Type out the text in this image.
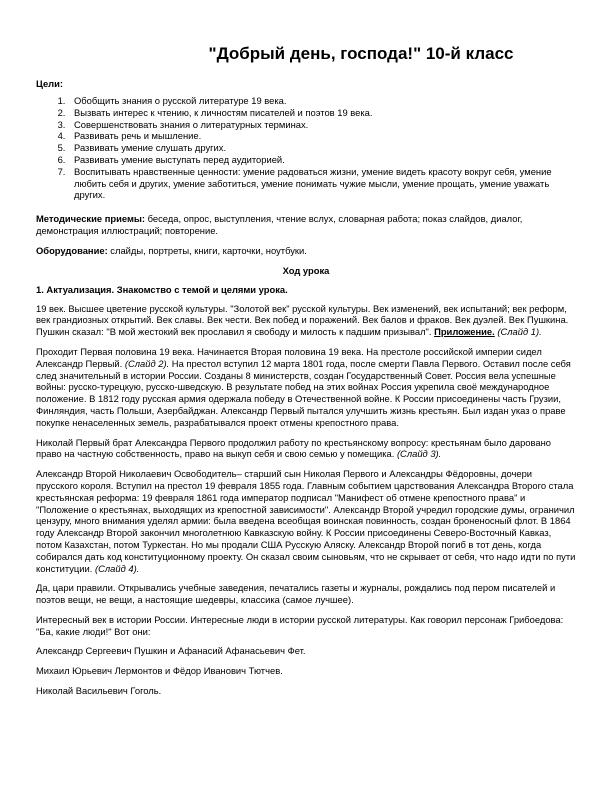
"Добрый день, господа!" 10-й класс
Цели:
1. Обобщить знания о русской литературе 19 века.
2. Вызвать интерес к чтению, к личностям писателей и поэтов 19 века.
3. Совершенствовать знания о литературных терминах.
4. Развивать речь и мышление.
5. Развивать умение слушать других.
6. Развивать умение выступать перед аудиторией.
7. Воспитывать нравственные ценности: умение радоваться жизни, умение видеть красоту вокруг себя, умение любить себя и других, умение заботиться, умение понимать чужие мысли, умение прощать, умение уважать других.

Методические приемы: беседа, опрос, выступления, чтение вслух, словарная работа; показ слайдов, диалог, демонстрация иллюстраций; повторение.

Оборудование: слайды, портреты, книги, карточки, ноутбуки.

Ход урока
1. Актуализация. Знакомство с темой и целями урока.

19 век. Высшее цветение русской культуры. "Золотой век" русской культуры. Век изменений, век испытаний; век реформ, век грандиозных открытий. Век славы. Век чести. Век побед и поражений. Век балов и фраков. Век дуэлей. Век Пушкина. Пушкин сказал: "В мой жестокий век прославил я свободу и милость к падшим призывал". Приложение. (Слайд 1).

Проходит Первая половина 19 века. Начинается Вторая половина 19 века. На престоле российской империи сидел Александр Первый. (Слайд 2). На престол вступил 12 марта 1801 года, после смерти Павла Первого. Оставил после себя след значительный в истории России. Созданы 8 министерств, создан Государственный Совет. Россия вела успешные войны: русско-турецкую, русско-шведскую. В результате побед на этих войнах Россия укрепила своё международное положение. В 1812 году русская армия одержала победу в Отечественной войне. К России присоединены часть Грузии, Финляндия, часть Польши, Азербайджан. Александр Первый пытался улучшить жизнь крестьян. Был издан указ о праве покупке ненаселенных земель, разрабатывался проект отмены крепостного права.

Николай Первый брат Александра Первого продолжил работу по крестьянскому вопросу: крестьянам было даровано право на частную собственность, право на выкуп себя и свою семью у помещика. (Слайд 3).

Александр Второй Николаевич Освободитель– старший сын Николая Первого и Александры Фёдоровны, дочери прусского короля. Вступил на престол 19 февраля 1855 года. Главным событием царствования Александра Второго стала крестьянская реформа: 19 февраля 1861 года император подписал "Манифест об отмене крепостного права" и "Положение о крестьянах, выходящих из крепостной зависимости". Александр Второй учредил городские думы, ограничил цензуру, много внимания уделял армии: была введена всеобщая воинская повинность, создан броненосный флот. В 1864 году Александр Второй закончил многолетнюю Кавказскую войну. К России присоединены Северо-Восточный Кавказ, потом Казахстан, потом Туркестан. Но мы продали США Русскую Аляску. Александр Второй погиб в тот день, когда собирался дать код конституционному проекту. Он сказал своим сыновьям, что не скрывает от себя, что надо идти по пути конституции. (Слайд 4).

Да, цари правили. Открывались учебные заведения, печатались газеты и журналы, рождались под пером писателей и поэтов вещи, не вещи, а настоящие шедевры, классика (самое лучшее).

Интересный век в истории России. Интересные люди в истории русской литературы. Как говорил персонаж Грибоедова: "Ба, какие люди!" Вот они:

Александр Сергеевич Пушкин и Афанасий Афанасьевич Фет.

Михаил Юрьевич Лермонтов и Фёдор Иванович Тютчев.

Николай Васильевич Гоголь.
